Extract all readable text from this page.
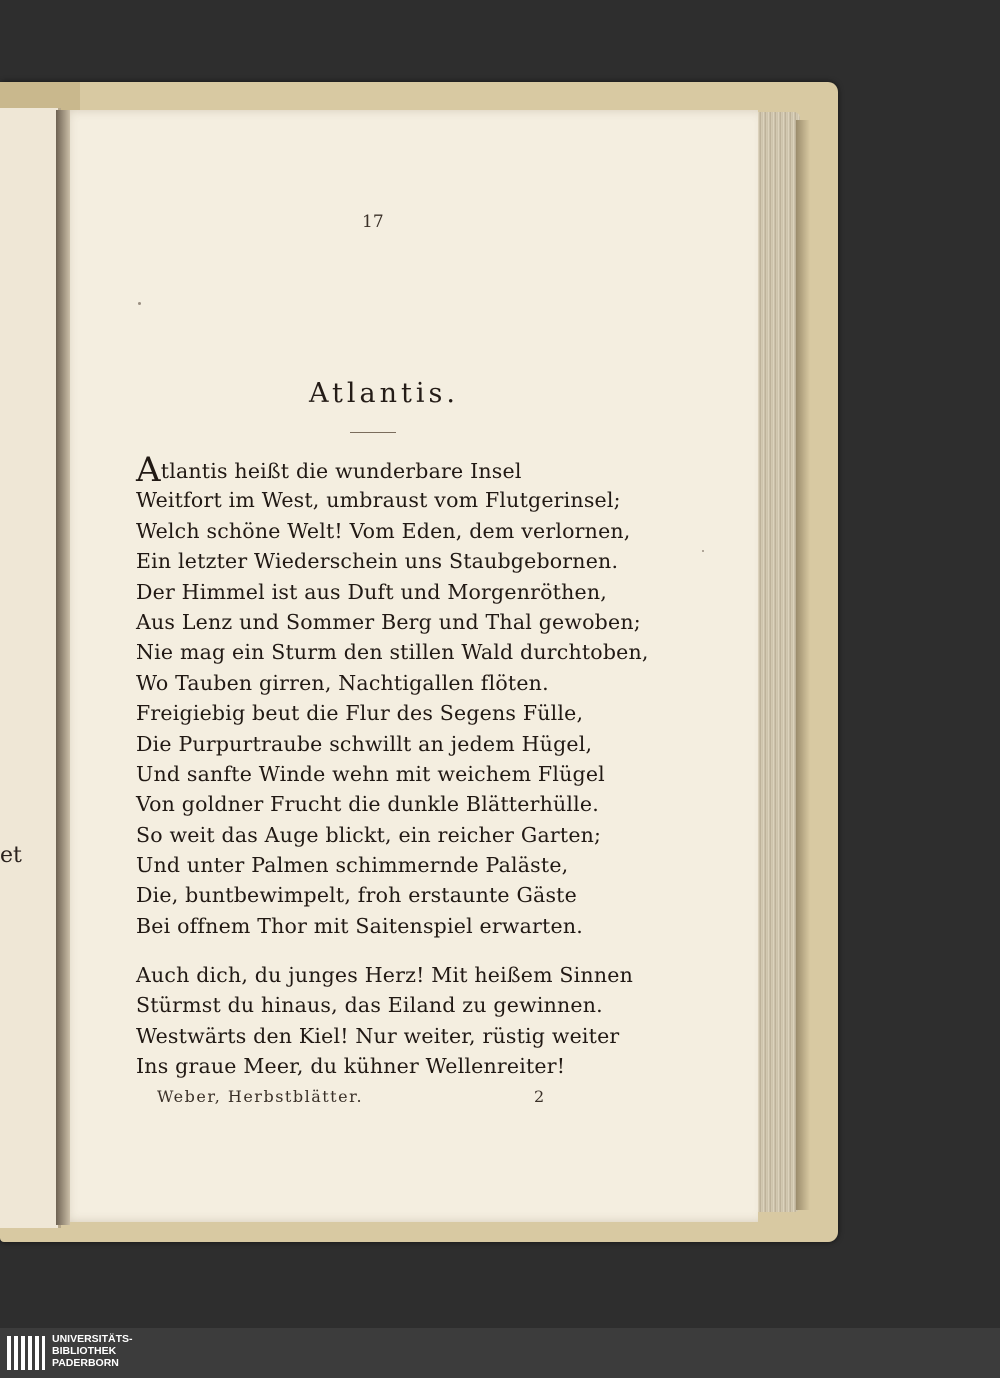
et
17
Atlantis.
Atlantis heißt die wunderbare Insel
Weitfort im West, umbraust vom Flutgerinsel;
Welch schöne Welt! Vom Eden, dem verlornen,
Ein letzter Wiederschein uns Staubgebornen.
Der Himmel ist aus Duft und Morgenröthen,
Aus Lenz und Sommer Berg und Thal gewoben;
Nie mag ein Sturm den stillen Wald durchtoben,
Wo Tauben girren, Nachtigallen flöten.
Freigiebig beut die Flur des Segens Fülle,
Die Purpurtraube schwillt an jedem Hügel,
Und sanfte Winde wehn mit weichem Flügel
Von goldner Frucht die dunkle Blätterhülle.
So weit das Auge blickt, ein reicher Garten;
Und unter Palmen schimmernde Paläste,
Die, buntbewimpelt, froh erstaunte Gäste
Bei offnem Thor mit Saitenspiel erwarten.
Auch dich, du junges Herz! Mit heißem Sinnen
Stürmst du hinaus, das Eiland zu gewinnen.
Westwärts den Kiel! Nur weiter, rüstig weiter
Ins graue Meer, du kühner Wellenreiter!
Weber, Herbstblätter.	2
UNIVERSITÄTS-
BIBLIOTHEK
PADERBORN
